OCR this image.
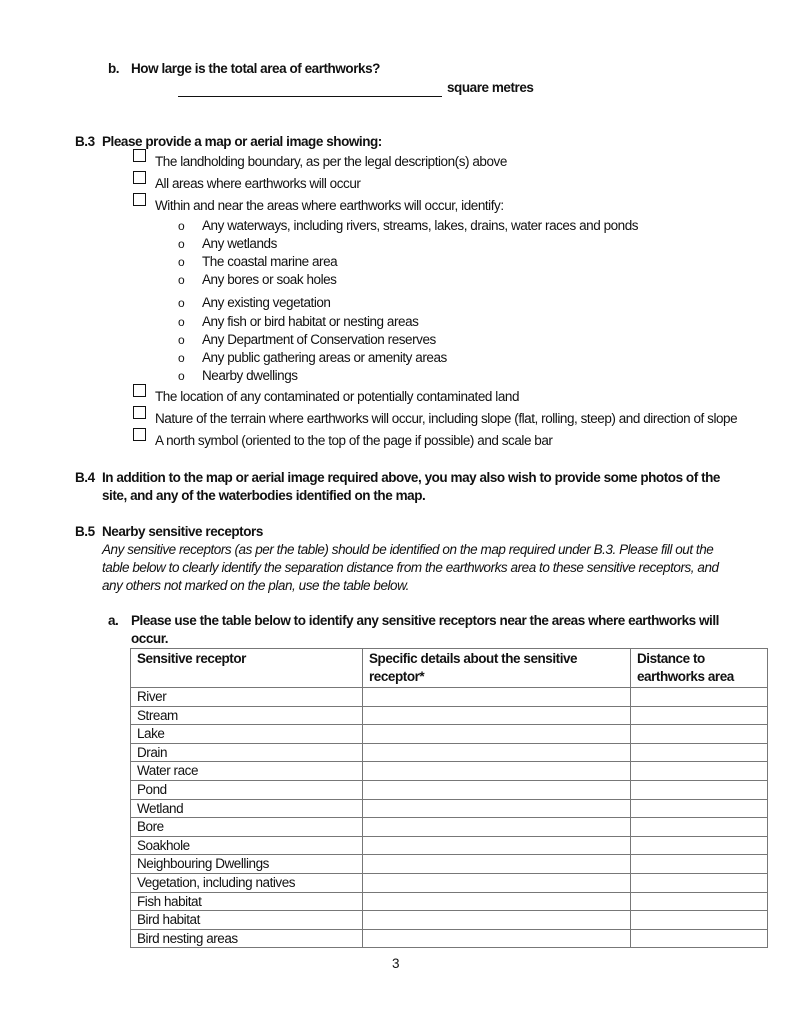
b. How large is the total area of earthworks?
square metres
B.3 Please provide a map or aerial image showing:
The landholding boundary, as per the legal description(s) above
All areas where earthworks will occur
Within and near the areas where earthworks will occur, identify:
o Any waterways, including rivers, streams, lakes, drains, water races and ponds
o Any wetlands
o The coastal marine area
o Any bores or soak holes
o Any existing vegetation
o Any fish or bird habitat or nesting areas
o Any Department of Conservation reserves
o Any public gathering areas or amenity areas
o Nearby dwellings
The location of any contaminated or potentially contaminated land
Nature of the terrain where earthworks will occur, including slope (flat, rolling, steep) and direction of slope
A north symbol (oriented to the top of the page if possible) and scale bar
B.4 In addition to the map or aerial image required above, you may also wish to provide some photos of the
site, and any of the waterbodies identified on the map.
B.5 Nearby sensitive receptors
Any sensitive receptors (as per the table) should be identified on the map required under B.3. Please fill out the
table below to clearly identify the separation distance from the earthworks area to these sensitive receptors, and
any others not marked on the plan, use the table below.
a. Please use the table below to identify any sensitive receptors near the areas where earthworks will
occur.
Sensitive receptor	Specific details about the sensitive receptor*	Distance to earthworks area
River		
Stream		
Lake		
Drain		
Water race		
Pond		
Wetland		
Bore		
Soakhole		
Neighbouring Dwellings		
Vegetation, including natives		
Fish habitat		
Bird habitat		
Bird nesting areas		
3
